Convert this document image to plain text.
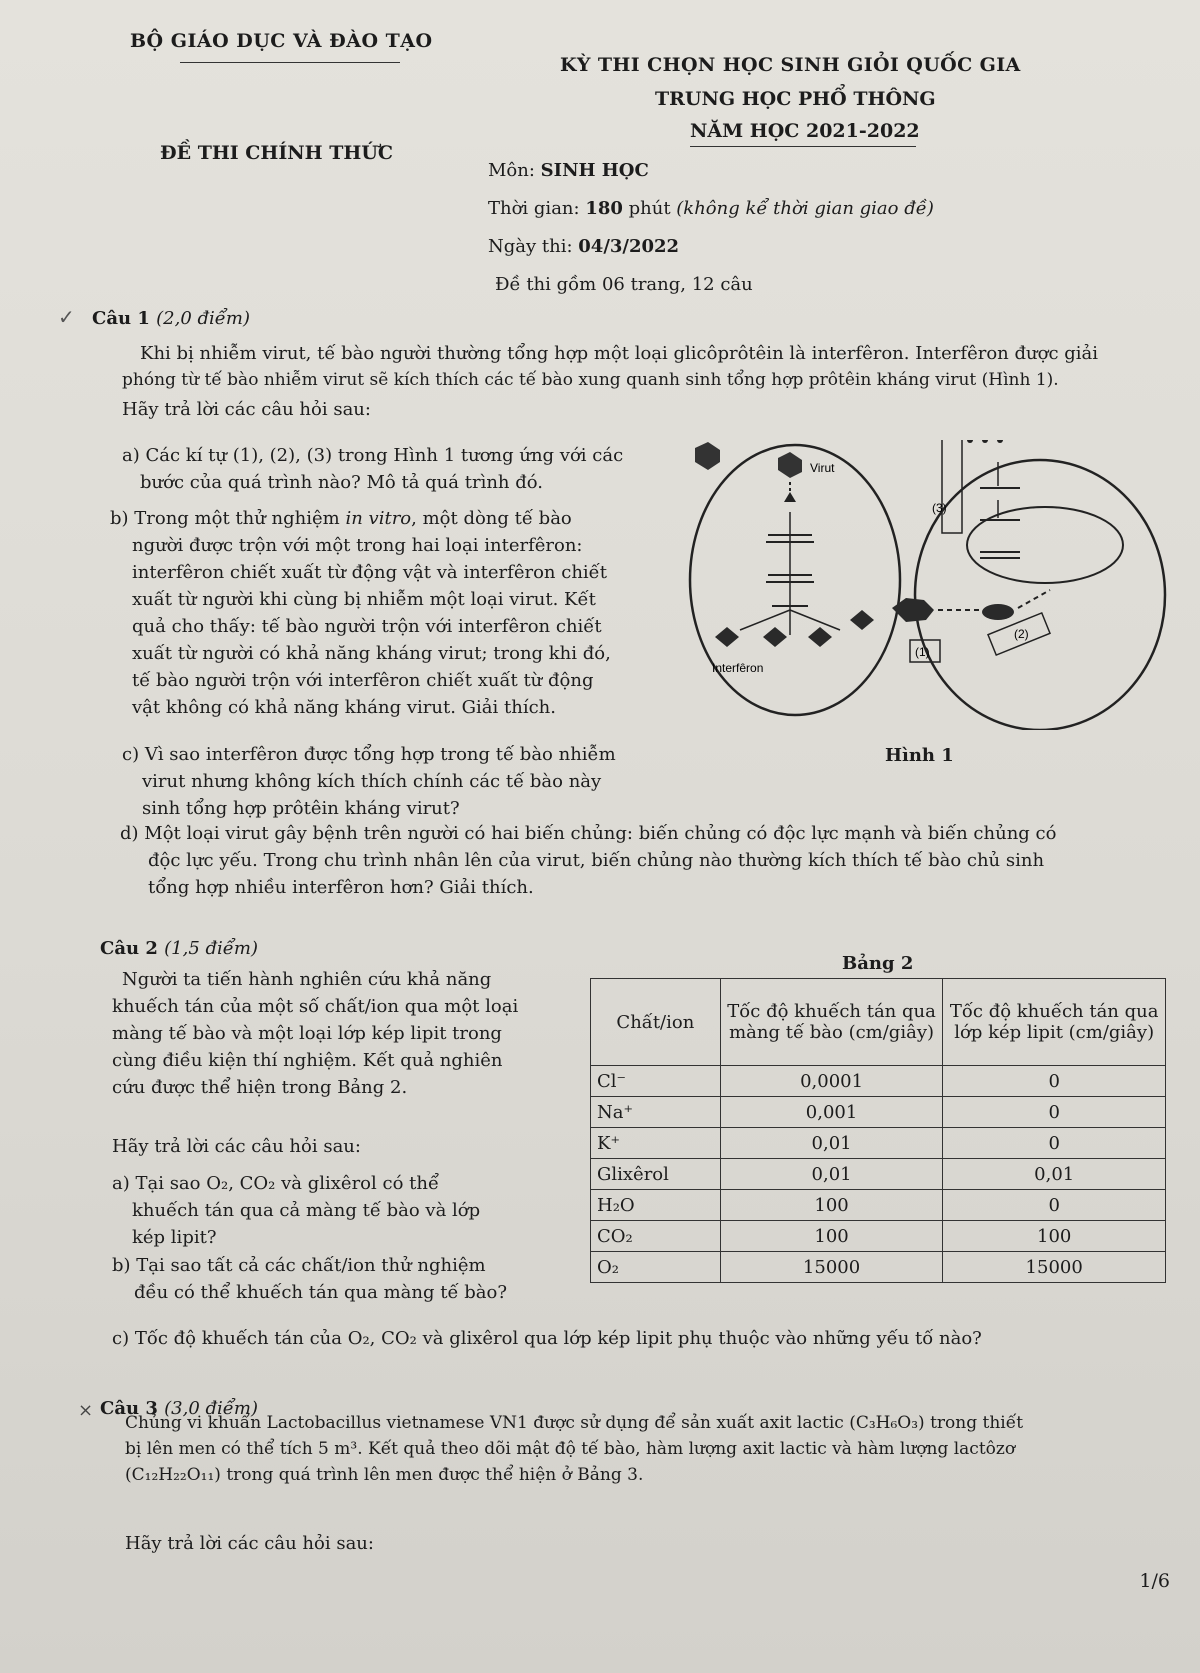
BỘ GIÁO DỤC VÀ ĐÀO TẠO
ĐỀ THI CHÍNH THỨC
KỲ THI CHỌN HỌC SINH GIỎI QUỐC GIA
TRUNG HỌC PHỔ THÔNG
NĂM HỌC 2021-2022
Môn: SINH HỌC
Thời gian: 180 phút (không kể thời gian giao đề)
Ngày thi: 04/3/2022
Đề thi gồm 06 trang, 12 câu
✓ Câu 1 (2,0 điểm)
Khi bị nhiễm virut, tế bào người thường tổng hợp một loại glicôprôtêin là interfêron. Interfêron được giải
phóng từ tế bào nhiễm virut sẽ kích thích các tế bào xung quanh sinh tổng hợp prôtêin kháng virut (Hình 1).
Hãy trả lời các câu hỏi sau:
a) Các kí tự (1), (2), (3) trong Hình 1 tương ứng với các
bước của quá trình nào? Mô tả quá trình đó.
b) Trong một thử nghiệm in vitro, một dòng tế bào
người được trộn với một trong hai loại interfêron:
interfêron chiết xuất từ động vật và interfêron chiết
xuất từ người khi cùng bị nhiễm một loại virut. Kết
quả cho thấy: tế bào người trộn với interfêron chiết
xuất từ người có khả năng kháng virut; trong khi đó,
tế bào người trộn với interfêron chiết xuất từ động
vật không có khả năng kháng virut. Giải thích.
c) Vì sao interfêron được tổng hợp trong tế bào nhiễm
virut nhưng không kích thích chính các tế bào này
sinh tổng hợp prôtêin kháng virut?
Virut
Interfêron
(2)
(1)
(3)
Hình 1
d) Một loại virut gây bệnh trên người có hai biến chủng: biến chủng có độc lực mạnh và biến chủng có
độc lực yếu. Trong chu trình nhân lên của virut, biến chủng nào thường kích thích tế bào chủ sinh
tổng hợp nhiều interfêron hơn? Giải thích.
Câu 2 (1,5 điểm)
Người ta tiến hành nghiên cứu khả năng
khuếch tán của một số chất/ion qua một loại
màng tế bào và một loại lớp kép lipit trong
cùng điều kiện thí nghiệm. Kết quả nghiên
cứu được thể hiện trong Bảng 2.
Hãy trả lời các câu hỏi sau:
a) Tại sao O₂, CO₂ và glixêrol có thể
khuếch tán qua cả màng tế bào và lớp
kép lipit?
b) Tại sao tất cả các chất/ion thử nghiệm
đều có thể khuếch tán qua màng tế bào?
c) Tốc độ khuếch tán của O₂, CO₂ và glixêrol qua lớp kép lipit phụ thuộc vào những yếu tố nào?
Bảng 2
Chất/ion	Tốc độ khuếch tán qua màng tế bào (cm/giây)	Tốc độ khuếch tán qua lớp kép lipit (cm/giây)
Cl⁻	0,0001	0
Na⁺	0,001	0
K⁺	0,01	0
Glixêrol	0,01	0,01
H₂O	100	0
CO₂	100	100
O₂	15000	15000
× Câu 3 (3,0 điểm)
Chủng vi khuẩn Lactobacillus vietnamese VN1 được sử dụng để sản xuất axit lactic (C₃H₆O₃) trong thiết
bị lên men có thể tích 5 m³. Kết quả theo dõi mật độ tế bào, hàm lượng axit lactic và hàm lượng lactôzơ
(C₁₂H₂₂O₁₁) trong quá trình lên men được thể hiện ở Bảng 3.
Hãy trả lời các câu hỏi sau:
1/6
